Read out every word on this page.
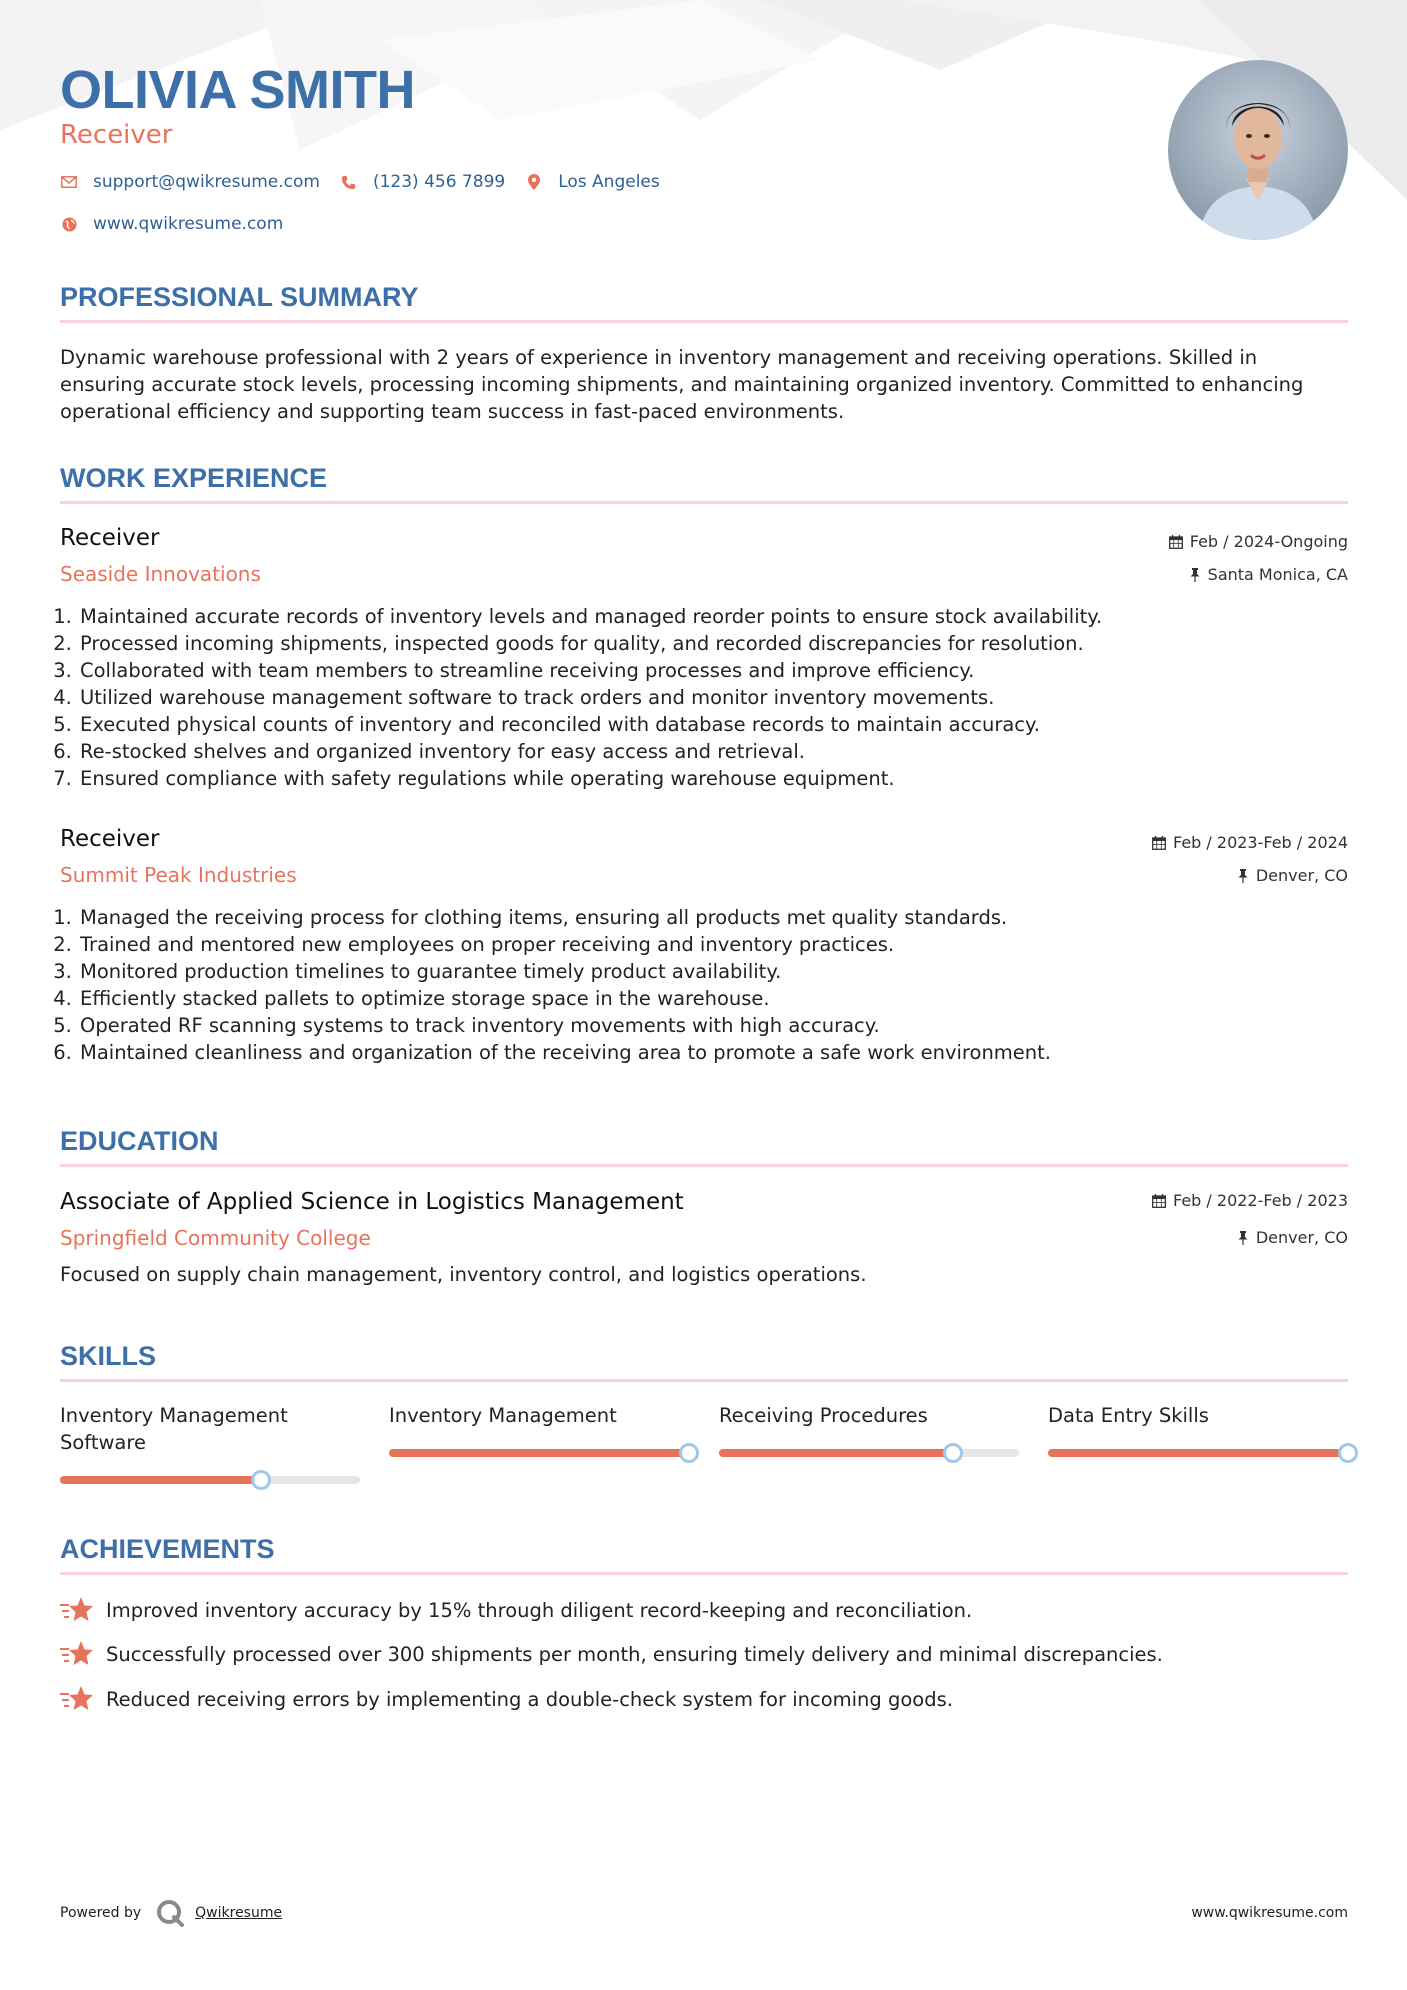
OLIVIA SMITH
Receiver
support@qwikresume.com	(123) 456 7899	Los Angeles
www.qwikresume.com
PROFESSIONAL SUMMARY
Dynamic warehouse professional with 2 years of experience in inventory management and receiving operations. Skilled in ensuring accurate stock levels, processing incoming shipments, and maintaining organized inventory. Committed to enhancing operational efficiency and supporting team success in fast-paced environments.
WORK EXPERIENCE
Receiver	Feb / 2024-Ongoing
Seaside Innovations	Santa Monica, CA
1. Maintained accurate records of inventory levels and managed reorder points to ensure stock availability.
2. Processed incoming shipments, inspected goods for quality, and recorded discrepancies for resolution.
3. Collaborated with team members to streamline receiving processes and improve efficiency.
4. Utilized warehouse management software to track orders and monitor inventory movements.
5. Executed physical counts of inventory and reconciled with database records to maintain accuracy.
6. Re-stocked shelves and organized inventory for easy access and retrieval.
7. Ensured compliance with safety regulations while operating warehouse equipment.
Receiver	Feb / 2023-Feb / 2024
Summit Peak Industries	Denver, CO
1. Managed the receiving process for clothing items, ensuring all products met quality standards.
2. Trained and mentored new employees on proper receiving and inventory practices.
3. Monitored production timelines to guarantee timely product availability.
4. Efficiently stacked pallets to optimize storage space in the warehouse.
5. Operated RF scanning systems to track inventory movements with high accuracy.
6. Maintained cleanliness and organization of the receiving area to promote a safe work environment.
EDUCATION
Associate of Applied Science in Logistics Management	Feb / 2022-Feb / 2023
Springfield Community College	Denver, CO
Focused on supply chain management, inventory control, and logistics operations.
SKILLS
Inventory Management Software
Inventory Management	Receiving Procedures	Data Entry Skills
ACHIEVEMENTS
Improved inventory accuracy by 15% through diligent record-keeping and reconciliation.
Successfully processed over 300 shipments per month, ensuring timely delivery and minimal discrepancies.
Reduced receiving errors by implementing a double-check system for incoming goods.
Powered by	Qwikresume	www.qwikresume.com
